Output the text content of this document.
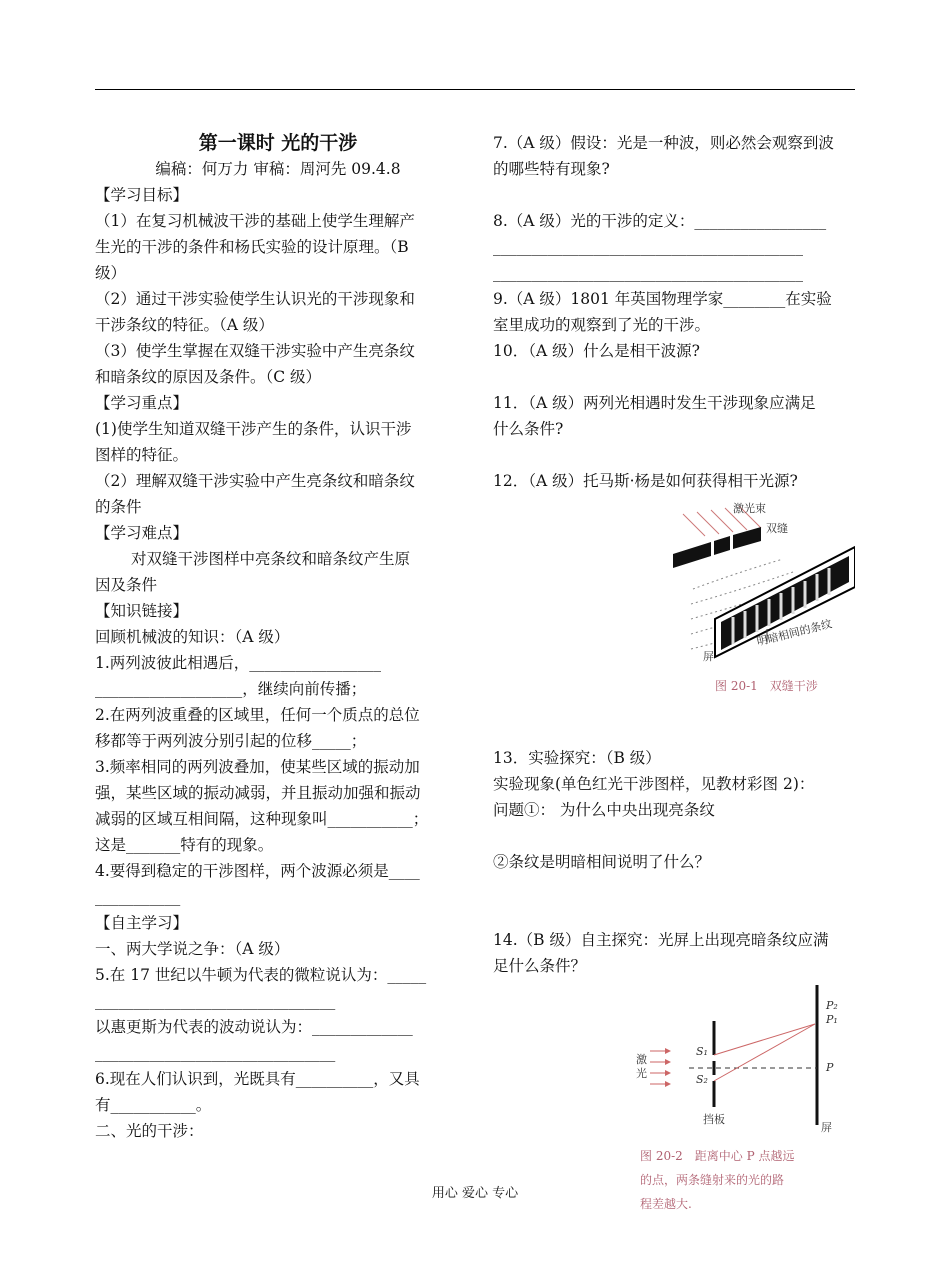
第一课时 光的干涉
编稿：何万力 审稿：周河先 09.4.8
【学习目标】
（1）在复习机械波干涉的基础上使学生理解产
生光的干涉的条件和杨氏实验的设计原理。（B
级）
（2）通过干涉实验使学生认识光的干涉现象和
干涉条纹的特征。（A 级）
（3）使学生掌握在双缝干涉实验中产生亮条纹
和暗条纹的原因及条件。（C 级）
【学习重点】
(1)使学生知道双缝干涉产生的条件，认识干涉
图样的特征。
（2）理解双缝干涉实验中产生亮条纹和暗条纹
的条件
【学习难点】
对双缝干涉图样中亮条纹和暗条纹产生原
因及条件
【知识链接】
回顾机械波的知识：（A 级）
1.两列波彼此相遇后，_________________
___________________，继续向前传播；
2.在两列波重叠的区域里，任何一个质点的总位
移都等于两列波分别引起的位移_____；
3.频率相同的两列波叠加，使某些区域的振动加
强，某些区域的振动减弱，并且振动加强和振动
减弱的区域互相间隔，这种现象叫___________；
这是_______特有的现象。
4.要得到稳定的干涉图样，两个波源必须是____
___________
【自主学习】
一、两大学说之争：（A 级）
5.在 17 世纪以牛顿为代表的微粒说认为：_____
_______________________________
以惠更斯为代表的波动说认为：_____________
_______________________________
6.现在人们认识到，光既具有__________，又具
有___________。
二、光的干涉：
7.（A 级）假设：光是一种波，则必然会观察到波
的哪些特有现象?
8.（A 级）光的干涉的定义：_________________
________________________________________
________________________________________
9.（A 级）1801 年英国物理学家________在实验
室里成功的观察到了光的干涉。
10．（A 级）什么是相干波源?
11．（A 级）两列光相遇时发生干涉现象应满足
什么条件?
12．（A 级）托马斯·杨是如何获得相干光源?
激光束
双缝
明暗相间的条纹
屏
图 20-1　双缝干涉
13．实验探究：（B 级）
实验现象(单色红光干涉图样，见教材彩图 2)：
问题①： 为什么中央出现亮条纹
②条纹是明暗相间说明了什么？
14.（B 级）自主探究：光屏上出现亮暗条纹应满
足什么条件？
S₁
S₂
P₂
P₁
P
激
光
挡板
屏
图 20-2　距离中心 P 点越远
的点，两条缝射来的光的路
程差越大.
用心 爱心 专心
